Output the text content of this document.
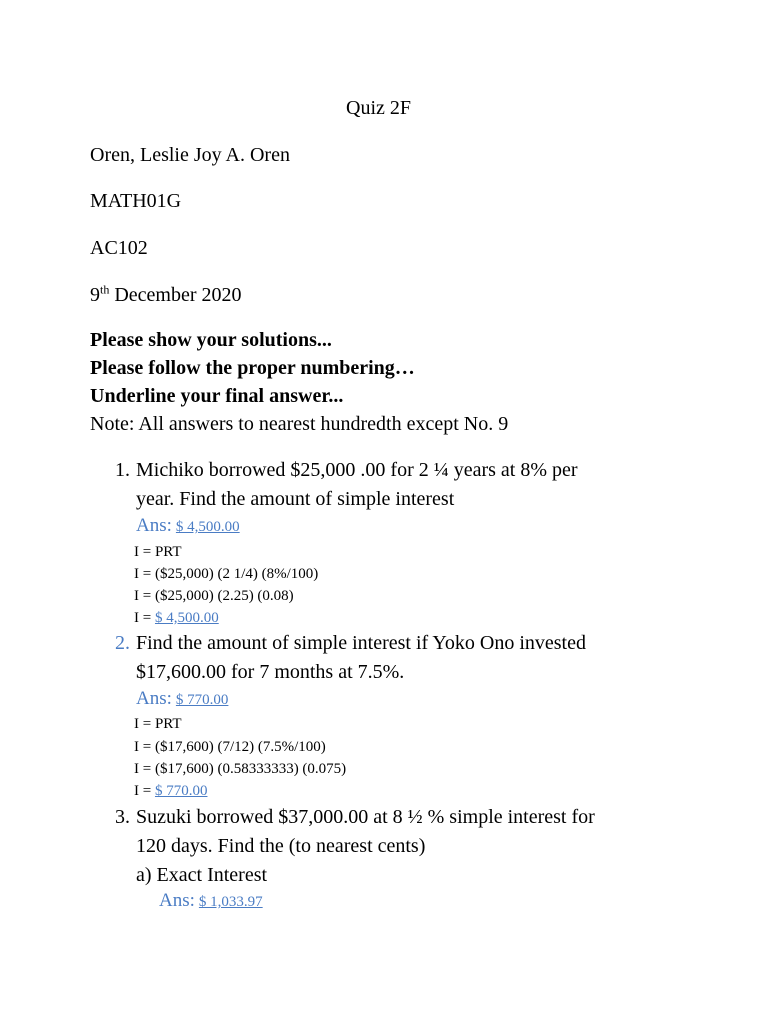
Quiz 2F
Oren, Leslie Joy A. Oren
MATH01G
AC102
9th December 2020
Please show your solutions...
Please follow the proper numbering…
Underline your final answer...
Note: All answers to nearest hundredth except No. 9
1. Michiko borrowed $25,000 .00 for 2 ¼ years at 8% per
year. Find the amount of simple interest
Ans: $ 4,500.00
I = PRT
I = ($25,000) (2 1/4) (8%/100)
I = ($25,000) (2.25) (0.08)
I = $ 4,500.00
2. Find the amount of simple interest if Yoko Ono invested
$17,600.00 for 7 months at 7.5%.
Ans: $ 770.00
I = PRT
I = ($17,600) (7/12) (7.5%/100)
I = ($17,600) (0.58333333) (0.075)
I = $ 770.00
3. Suzuki borrowed $37,000.00 at 8 ½ % simple interest for
120 days. Find the (to nearest cents)
a) Exact Interest
Ans: $ 1,033.97
